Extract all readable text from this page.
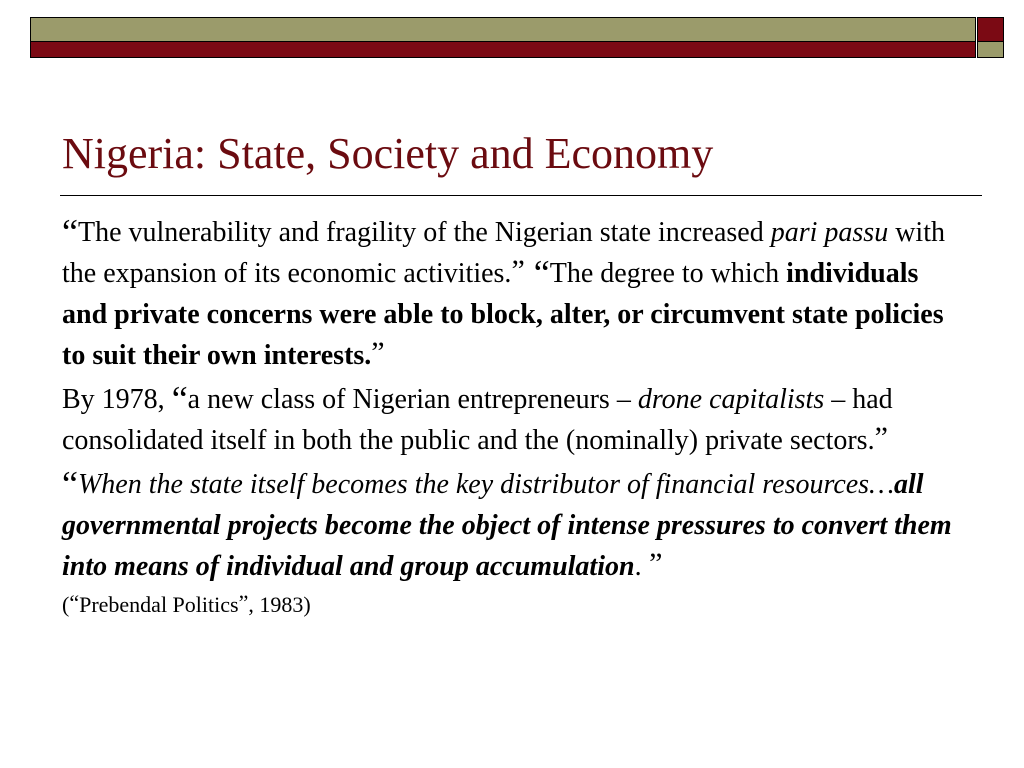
Nigeria: State, Society and Economy

“The vulnerability and fragility of the Nigerian state increased pari passu with the expansion of its economic activities.” “The degree to which individuals and private concerns were able to block, alter, or circumvent state policies to suit their own interests.”

By 1978, “a new class of Nigerian entrepreneurs – drone capitalists – had consolidated itself in both the public and the (nominally) private sectors.”

“When the state itself becomes the key distributor of financial resources…all governmental projects become the object of intense pressures to convert them into means of individual and group accumulation. ”

(“Prebendal Politics”, 1983)
